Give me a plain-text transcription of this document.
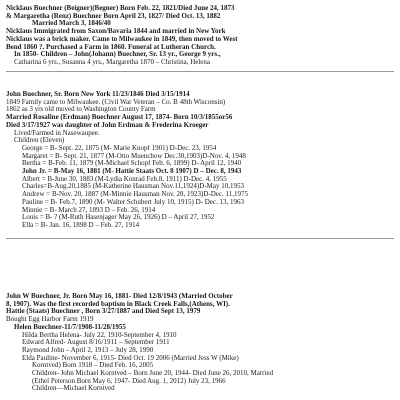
Nicklaus Buechner (Beigner)(Begner) Born Feb. 22, 1821/Died June 24, 1873
& Margaretha (Renz) Buechner Born April 23, 1827/ Died Oct. 13, 1882
Married March 3, 1846/40
Nicklaus Immigrated from Saxon/Bavaria 1844 and married in New York
Nicklaus was a brick maker. Came to Milwaukee in 1849, then moved to West
Bend 1860 ?. Purchased a Farm in 1860. Funeral at Lutheran Church.
In 1850- Children – John(Johann) Buechner, Sr. 13 yr., George 9 yrs.,
Catharina 6 yrs., Susanna 4 yrs., Margaretha 1870 – Christina, Helena
John Buechner, Sr. Born New York 11/23/1846 Died 3/15/1914
1849 Family came to Milwaukee. (Civil War Veteran – Co. B 48th Wisconsin)
1862 as 3 yrs old moved to Washington County Farm
Married Rosaline (Erdman) Buechner August 17, 1874- Born 10/3/1855or56
Died 3/17/1927 was daughter of John Erdman & Frederina Kroeger
Lived/Farmed in Nasewaupee.
Children (Eleven)
George = B- Sept. 22, 1875 (M- Marie Knopf 1901) D-Dec. 23, 1954
Margaret = B- Sept. 21, 1877 (M-Otto Muenchow Dec.30,1903)D-Nov. 4, 1948
Bertha = B-Feb. 11, 1879 (M-Michael Schopf Feb. 6, 1899) D- April 12, 1940
John Jr. = B-May 16, 1881 (M- Hattie Staats Oct. 8 1907) D – Dec. 8, 1943
Albert = B-June 30, 1883 (M-Lydia Konrad Feb.8, 1911) D-Dec. 4, 1955
Charles=B-Aug.20,1885 (M-Katherine Hausman Nov.11,1924)D-May 10,1953
Andrew = B-Nov. 20, 1887 (M-Minnie Hausman Nov. 28, 1923)D-Dec. 11,1975
Pauline = B- Feb.7, 1890 (M- Walter Schubert July 10, 1915) D- Dec. 13, 1963
Minnie = B- March 27, 1893 D – Feb. 26, 1914
Louis = B- ? (M-Ruth Hasenjager May 26, 1926) D – April 27, 1952
Ella = B- Jan. 16, 1898 D – Feb. 27, 1914
John W Buechner, Jr. Born May 16, 1881- Died 12/8/1943 (Married October
8, 1907). Was the first recorded baptism in Black Creek Falls,(Athens, WI).
Hattie (Staats) Buechner , Born 3/27/1887 and Died Sept 13, 1979
Bought Egg Harbor Farm 1919
Helen Buechner-11/7/1908-11/28/1955
Hilda Bertha Helena- July 22, 1910-September 4, 1910
Edward Alfred- August 8/16/1911 – September 1911
Raymond John – April 2, 1913 – July 28, 1990
Elda Pauline- November 6, 1915- Died Oct. 19 2006 (Married Jess W (Mike)
Korntved) Born 1918 – Died Feb. 16, 2005
Children- John Michael Korntved – Born June 20, 1944- Died June 26, 2010, Married
(Ethel Peterson Born May 6, 1947- Died Aug. 1, 2012) July 23, 1966
Children—Michael Korntved
